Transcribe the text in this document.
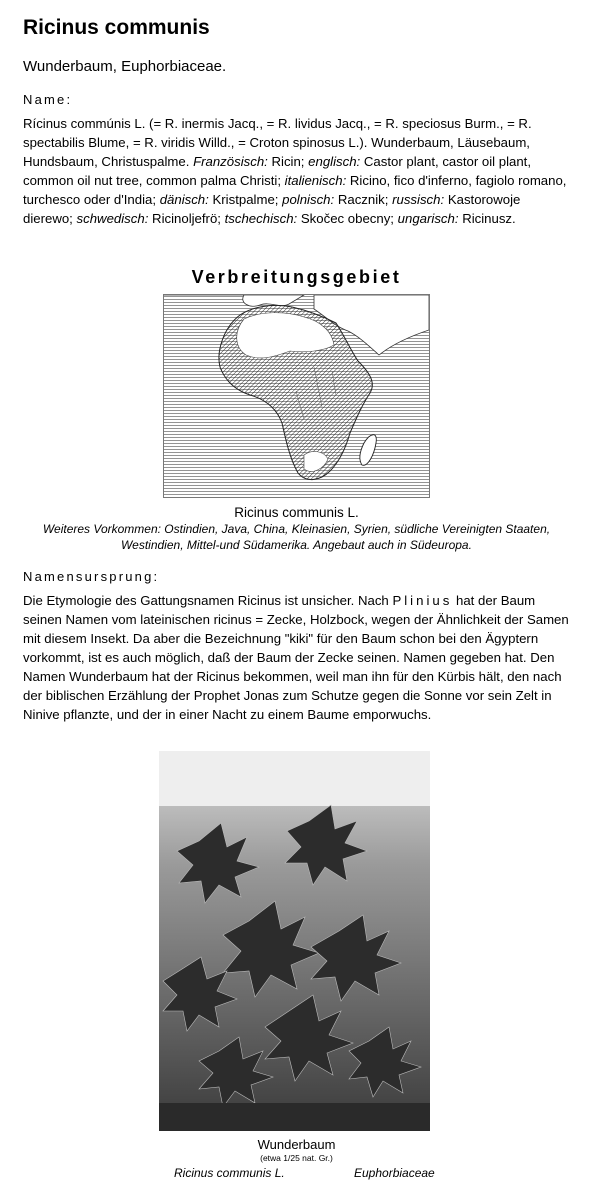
Ricinus communis
Wunderbaum, Euphorbiaceae.
Name:
Rícinus commúnis L. (= R. inermis Jacq., = R. lividus Jacq., = R. speciosus Burm., = R. spectabilis Blume, = R. viridis Willd., = Croton spinosus L.). Wunderbaum, Läusebaum, Hundsbaum, Christuspalme. Französisch: Ricin; englisch: Castor plant, castor oil plant, common oil nut tree, common palma Christi; italienisch: Ricino, fico d'inferno, fagiolo romano, turchesco oder d'India; dänisch: Kristpalme; polnisch: Racznik; russisch: Kastorowoje dierewo; schwedisch: Ricinoljefrö; tschechisch: Skočec obecny; ungarisch: Ricinusz.
Verbreitungsgebiet
Ricinus communis L.
Weiteres Vorkommen: Ostindien, Java, China, Kleinasien, Syrien, südliche Vereinigten Staaten, Westindien, Mittel-und Südamerika. Angebaut auch in Südeuropa.
Namensursprung:
Die Etymologie des Gattungsnamen Ricinus ist unsicher. Nach Plinius hat der Baum seinen Namen vom lateinischen ricinus = Zecke, Holzbock, wegen der Ähnlichkeit der Samen mit diesem Insekt. Da aber die Bezeichnung "kiki" für den Baum schon bei den Ägyptern vorkommt, ist es auch möglich, daß der Baum der Zecke seinen. Namen gegeben hat. Den Namen Wunderbaum hat der Ricinus bekommen, weil man ihn für den Kürbis hält, den nach der biblischen Erzählung der Prophet Jonas zum Schutze gegen die Sonne vor sein Zelt in Ninive pflanzte, und der in einer Nacht zu einem Baume emporwuchs.
Wunderbaum
(etwa 1/25 nat. Gr.)
Ricinus communis L.	Euphorbiaceae
